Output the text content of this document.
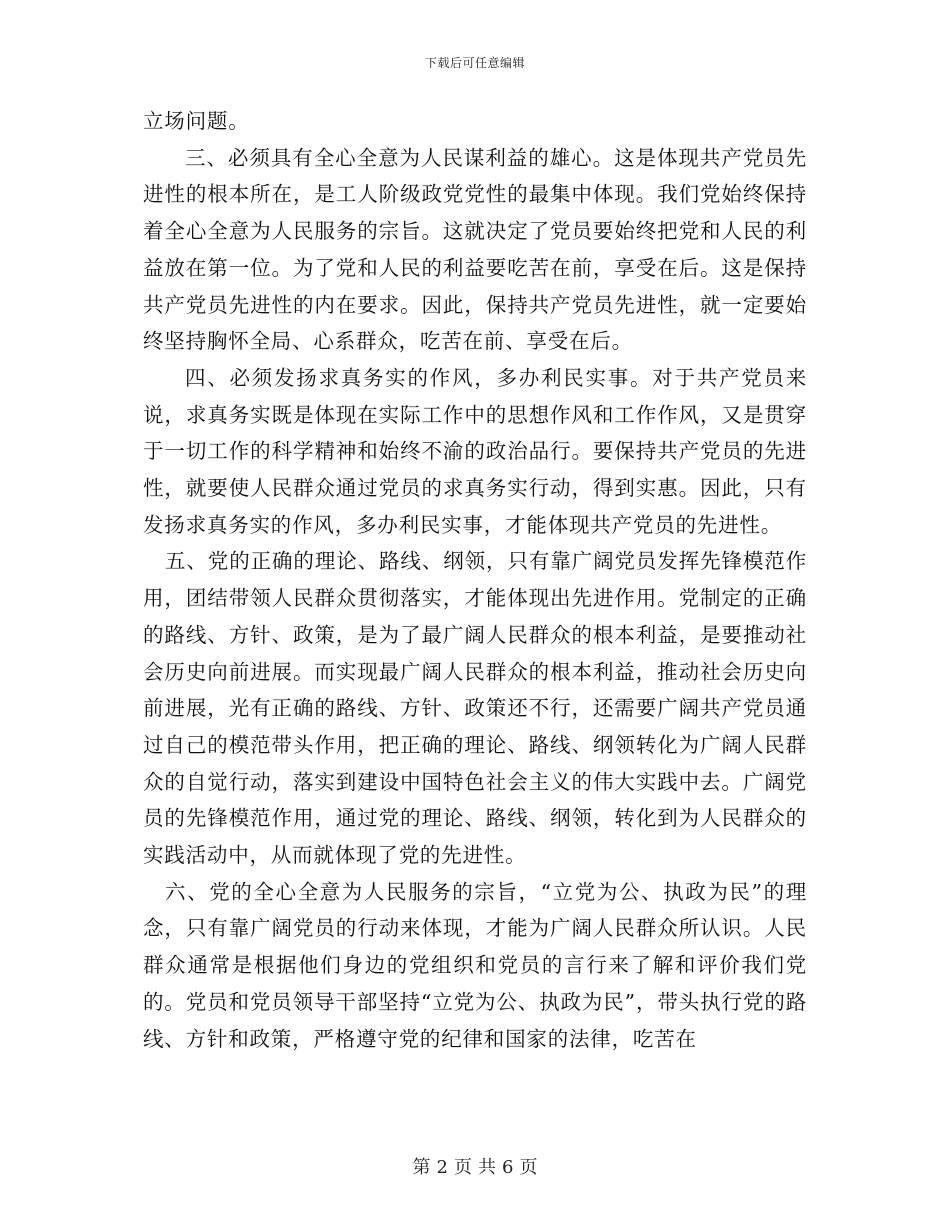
下载后可任意编辑

立场问题。

三、必须具有全心全意为人民谋利益的雄心。这是体现共产党员先进性的根本所在，是工人阶级政党党性的最集中体现。我们党始终保持着全心全意为人民服务的宗旨。这就决定了党员要始终把党和人民的利益放在第一位。为了党和人民的利益要吃苦在前，享受在后。这是保持共产党员先进性的内在要求。因此，保持共产党员先进性，就一定要始终坚持胸怀全局、心系群众，吃苦在前、享受在后。

四、必须发扬求真务实的作风，多办利民实事。对于共产党员来说，求真务实既是体现在实际工作中的思想作风和工作作风，又是贯穿于一切工作的科学精神和始终不渝的政治品行。要保持共产党员的先进性，就要使人民群众通过党员的求真务实行动，得到实惠。因此，只有发扬求真务实的作风，多办利民实事，才能体现共产党员的先进性。

五、党的正确的理论、路线、纲领，只有靠广阔党员发挥先锋模范作用，团结带领人民群众贯彻落实，才能体现出先进作用。党制定的正确的路线、方针、政策，是为了最广阔人民群众的根本利益，是要推动社会历史向前进展。而实现最广阔人民群众的根本利益，推动社会历史向前进展，光有正确的路线、方针、政策还不行，还需要广阔共产党员通过自己的模范带头作用，把正确的理论、路线、纲领转化为广阔人民群众的自觉行动，落实到建设中国特色社会主义的伟大实践中去。广阔党员的先锋模范作用，通过党的理论、路线、纲领，转化到为人民群众的实践活动中，从而就体现了党的先进性。

六、党的全心全意为人民服务的宗旨，“立党为公、执政为民”的理念，只有靠广阔党员的行动来体现，才能为广阔人民群众所认识。人民群众通常是根据他们身边的党组织和党员的言行来了解和评价我们党的。党员和党员领导干部坚持“立党为公、执政为民”，带头执行党的路线、方针和政策，严格遵守党的纪律和国家的法律，吃苦在

第 2 页 共 6 页
